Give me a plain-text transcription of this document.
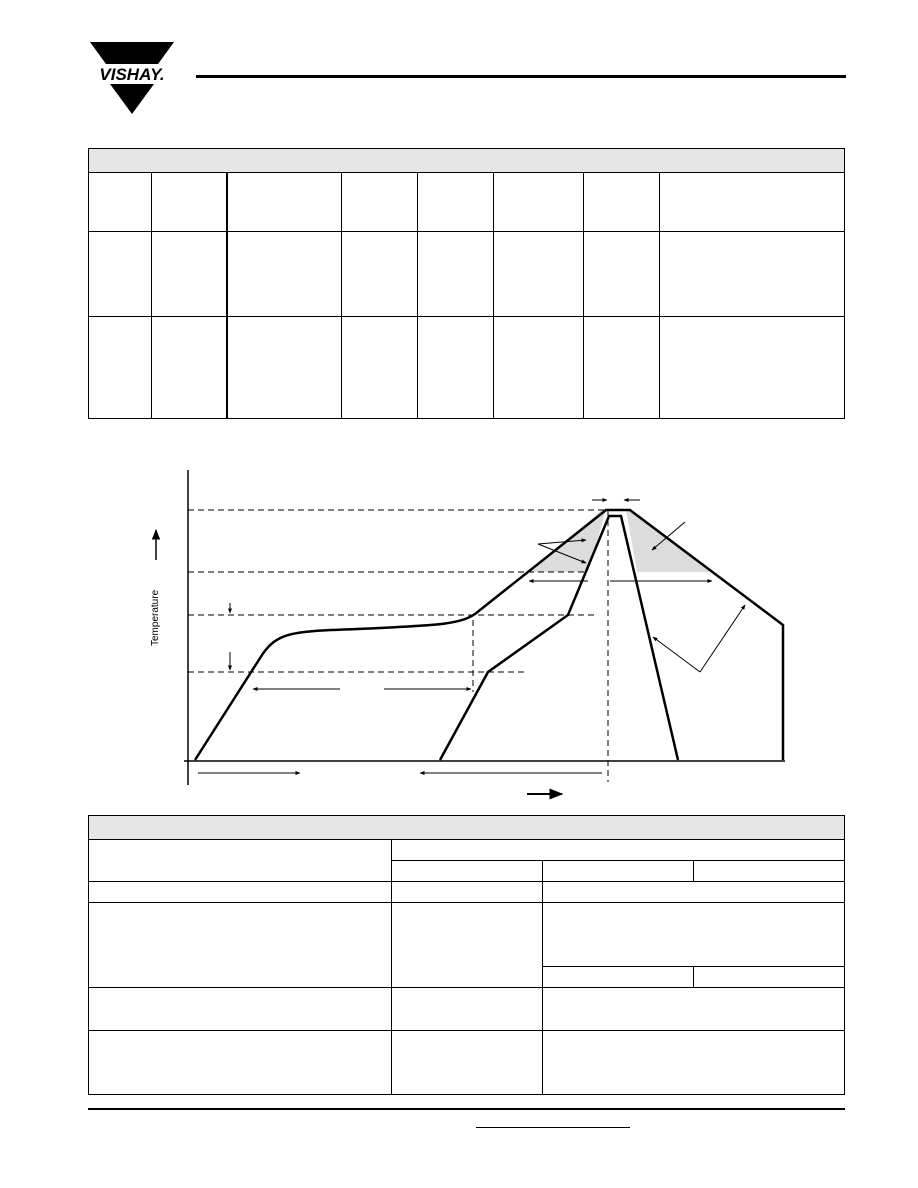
VISHAY.
Temperature
